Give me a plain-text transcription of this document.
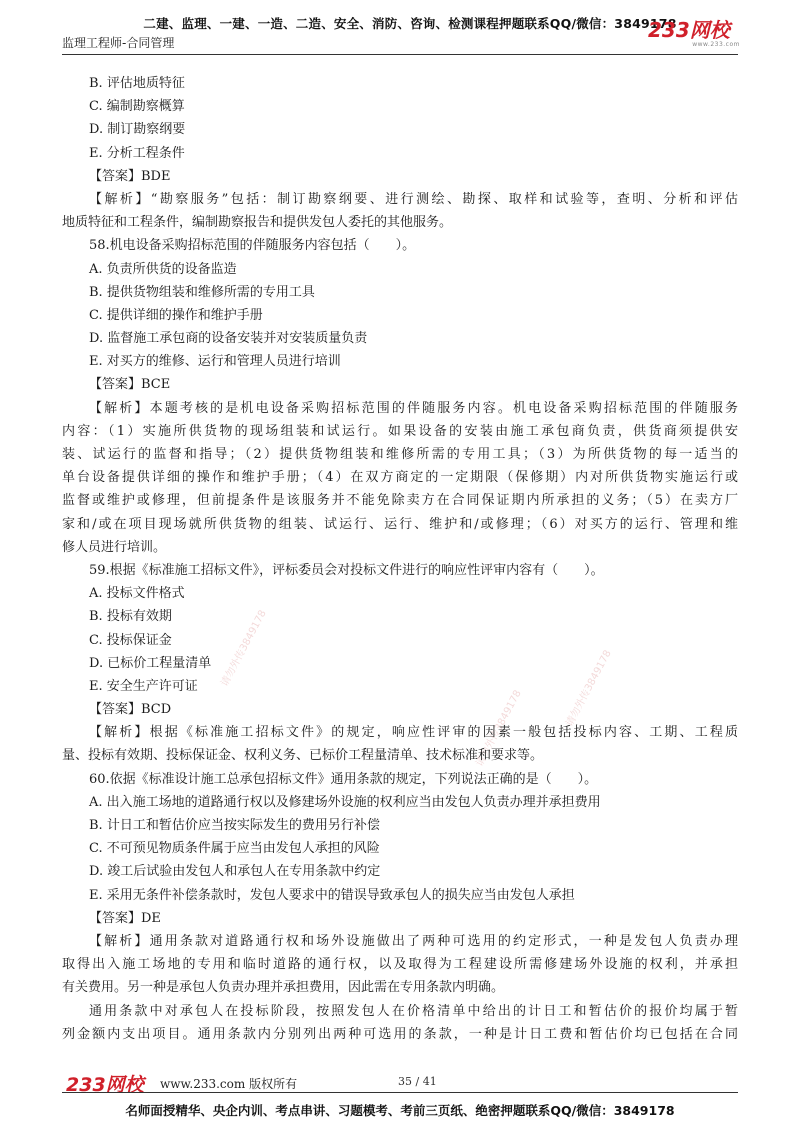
二建、监理、一建、一造、二造、安全、消防、咨询、检测课程押题联系QQ/微信：3849178
监理工程师-合同管理
233网校
www.233.com
请勿外传3849178
请勿外传3849178
请勿外传3849178
B. 评估地质特征
C. 编制勘察概算
D. 制订勘察纲要
E. 分析工程条件
【答案】BDE
【解析】“勘察服务”包括：制订勘察纲要、进行测绘、勘探、取样和试验等，查明、分析和评估
地质特征和工程条件，编制勘察报告和提供发包人委托的其他服务。
58.机电设备采购招标范围的伴随服务内容包括（　　）。
A. 负责所供货的设备监造
B. 提供货物组装和维修所需的专用工具
C. 提供详细的操作和维护手册
D. 监督施工承包商的设备安装并对安装质量负责
E. 对买方的维修、运行和管理人员进行培训
【答案】BCE
【解析】本题考核的是机电设备采购招标范围的伴随服务内容。机电设备采购招标范围的伴随服务
内容：（1）实施所供货物的现场组装和试运行。如果设备的安装由施工承包商负责，供货商须提供安
装、试运行的监督和指导；（2）提供货物组装和维修所需的专用工具；（3）为所供货物的每一适当的
单台设备提供详细的操作和维护手册；（4）在双方商定的一定期限（保修期）内对所供货物实施运行或
监督或维护或修理，但前提条件是该服务并不能免除卖方在合同保证期内所承担的义务；（5）在卖方厂
家和/或在项目现场就所供货物的组装、试运行、运行、维护和/或修理；（6）对买方的运行、管理和维
修人员进行培训。
59.根据《标准施工招标文件》，评标委员会对投标文件进行的响应性评审内容有（　　）。
A. 投标文件格式
B. 投标有效期
C. 投标保证金
D. 已标价工程量清单
E. 安全生产许可证
【答案】BCD
【解析】根据《标准施工招标文件》的规定，响应性评审的因素一般包括投标内容、工期、工程质
量、投标有效期、投标保证金、权利义务、已标价工程量清单、技术标准和要求等。
60.依据《标准设计施工总承包招标文件》通用条款的规定，下列说法正确的是（　　）。
A. 出入施工场地的道路通行权以及修建场外设施的权利应当由发包人负责办理并承担费用
B. 计日工和暂估价应当按实际发生的费用另行补偿
C. 不可预见物质条件属于应当由发包人承担的风险
D. 竣工后试验由发包人和承包人在专用条款中约定
E. 采用无条件补偿条款时，发包人要求中的错误导致承包人的损失应当由发包人承担
【答案】DE
【解析】通用条款对道路通行权和场外设施做出了两种可选用的约定形式，一种是发包人负责办理
取得出入施工场地的专用和临时道路的通行权，以及取得为工程建设所需修建场外设施的权利，并承担
有关费用。另一种是承包人负责办理并承担费用，因此需在专用条款内明确。
通用条款中对承包人在投标阶段，按照发包人在价格清单中给出的计日工和暂估价的报价均属于暂
列金额内支出项目。通用条款内分别列出两种可选用的条款，一种是计日工费和暂估价均已包括在合同
233网校 www.233.com 版权所有	35 / 41
名师面授精华、央企内训、考点串讲、习题模考、考前三页纸、绝密押题联系QQ/微信：3849178
